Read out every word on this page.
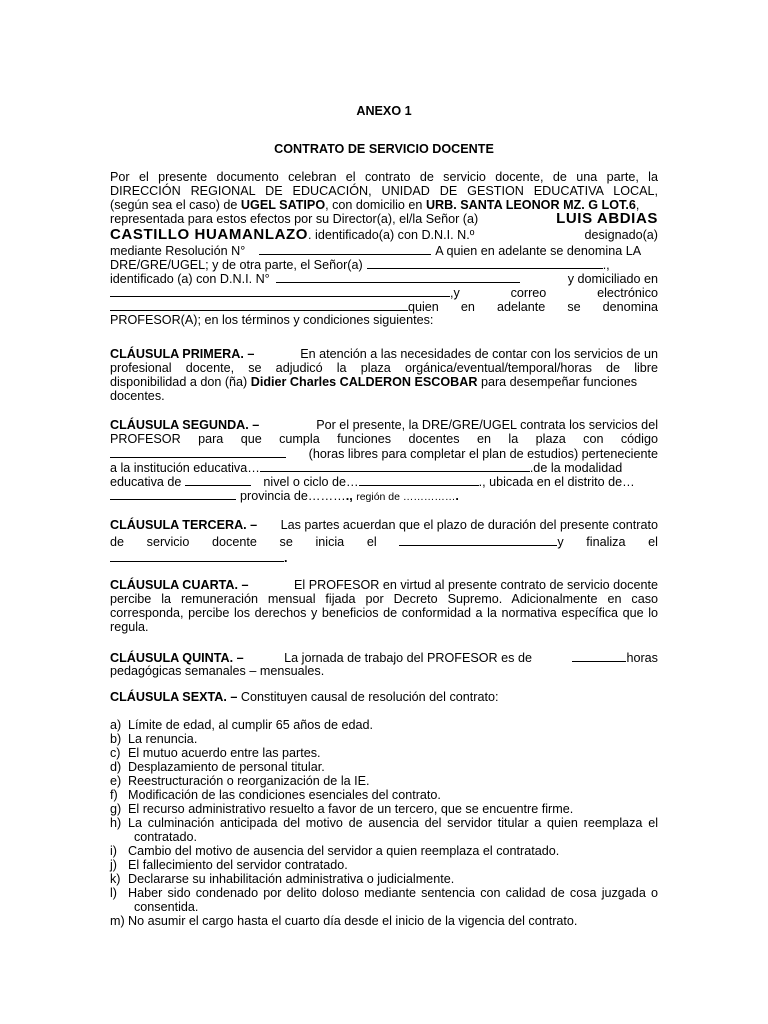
ANEXO 1
CONTRATO DE SERVICIO DOCENTE
Por el presente documento celebran el contrato de servicio docente, de una parte, la
DIRECCIÓN REGIONAL DE EDUCACIÓN, UNIDAD DE GESTION EDUCATIVA LOCAL,
(según sea el caso) de UGEL SATIPO, con domicilio en URB. SANTA LEONOR MZ. G LOT.6,
representada para estos efectos por su Director(a), el/la Señor (a)	LUIS ABDIAS
CASTILLO HUAMANLAZO. identificado(a) con D.N.I. N.º	designado(a)
mediante Resolución N°	A quien en adelante se denomina LA
DRE/GRE/UGEL; y de otra parte, el Señor(a)	.,
identificado (a) con D.N.I. N°	y domiciliado en
,y	correo	electrónico
quien en adelante se denomina
PROFESOR(A); en los términos y condiciones siguientes:
CLÁUSULA PRIMERA. –	En atención a las necesidades de contar con los servicios de un
profesional docente, se adjudicó la plaza orgánica/eventual/temporal/horas de libre
disponibilidad a don (ña) Didier Charles CALDERON ESCOBAR para desempeñar funciones
docentes.
CLÁUSULA SEGUNDA. –	Por el presente, la DRE/GRE/UGEL contrata los servicios del
PROFESOR para que cumpla funciones docentes en la plaza con código
(horas libres para completar el plan de estudios) perteneciente
a la institución educativa…	.de la modalidad
educativa de	nivel o ciclo de…	., ubicada en el distrito de…
provincia de………., región de …………….
CLÁUSULA TERCERA. – Las partes acuerdan que el plazo de duración del presente contrato
de servicio docente se inicia el	y finaliza el
.
CLÁUSULA CUARTA. –	El PROFESOR en virtud al presente contrato de servicio docente
percibe la remuneración mensual fijada por Decreto Supremo. Adicionalmente en caso
corresponda, percibe los derechos y beneficios de conformidad a la normativa específica que lo
regula.
CLÁUSULA QUINTA. –	La jornada de trabajo del PROFESOR es de	horas
pedagógicas semanales – mensuales.
CLÁUSULA SEXTA. – Constituyen causal de resolución del contrato:
a) Límite de edad, al cumplir 65 años de edad.
b) La renuncia.
c) El mutuo acuerdo entre las partes.
d) Desplazamiento de personal titular.
e) Reestructuración o reorganización de la IE.
f) Modificación de las condiciones esenciales del contrato.
g) El recurso administrativo resuelto a favor de un tercero, que se encuentre firme.
h) La culminación anticipada del motivo de ausencia del servidor titular a quien reemplaza el
contratado.
i) Cambio del motivo de ausencia del servidor a quien reemplaza el contratado.
j) El fallecimiento del servidor contratado.
k) Declararse su inhabilitación administrativa o judicialmente.
l) Haber sido condenado por delito doloso mediante sentencia con calidad de cosa juzgada o
consentida.
m) No asumir el cargo hasta el cuarto día desde el inicio de la vigencia del contrato.
